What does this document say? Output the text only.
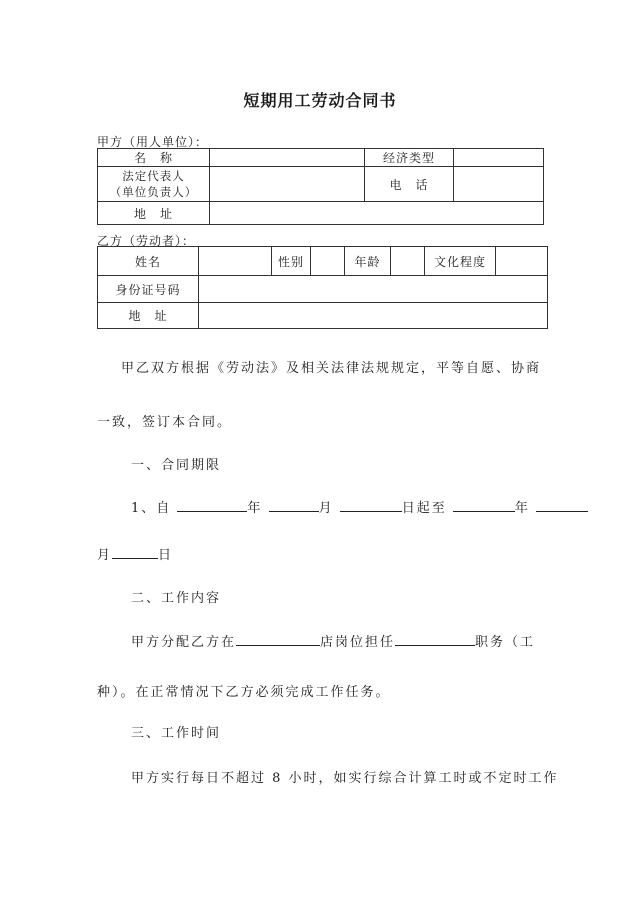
短期用工劳动合同书
甲方（用人单位）：
名　称		经济类型	

法定代表人
（单位负责人）		电　话	
地　址			
乙方（劳动者）：
姓名		性别		年龄		文化程度	
身份证号码							
地　址							
甲乙双方根据《劳动法》及相关法律法规规定，平等自愿、协商
一致，签订本合同。
一、合同期限
1、自	年	月	日起至	年
月	日
二、工作内容
甲方分配乙方在	店岗位担任	职务（工
种）。在正常情况下乙方必须完成工作任务。
三、工作时间
甲方实行每日不超过 8 小时，如实行综合计算工时或不定时工作
